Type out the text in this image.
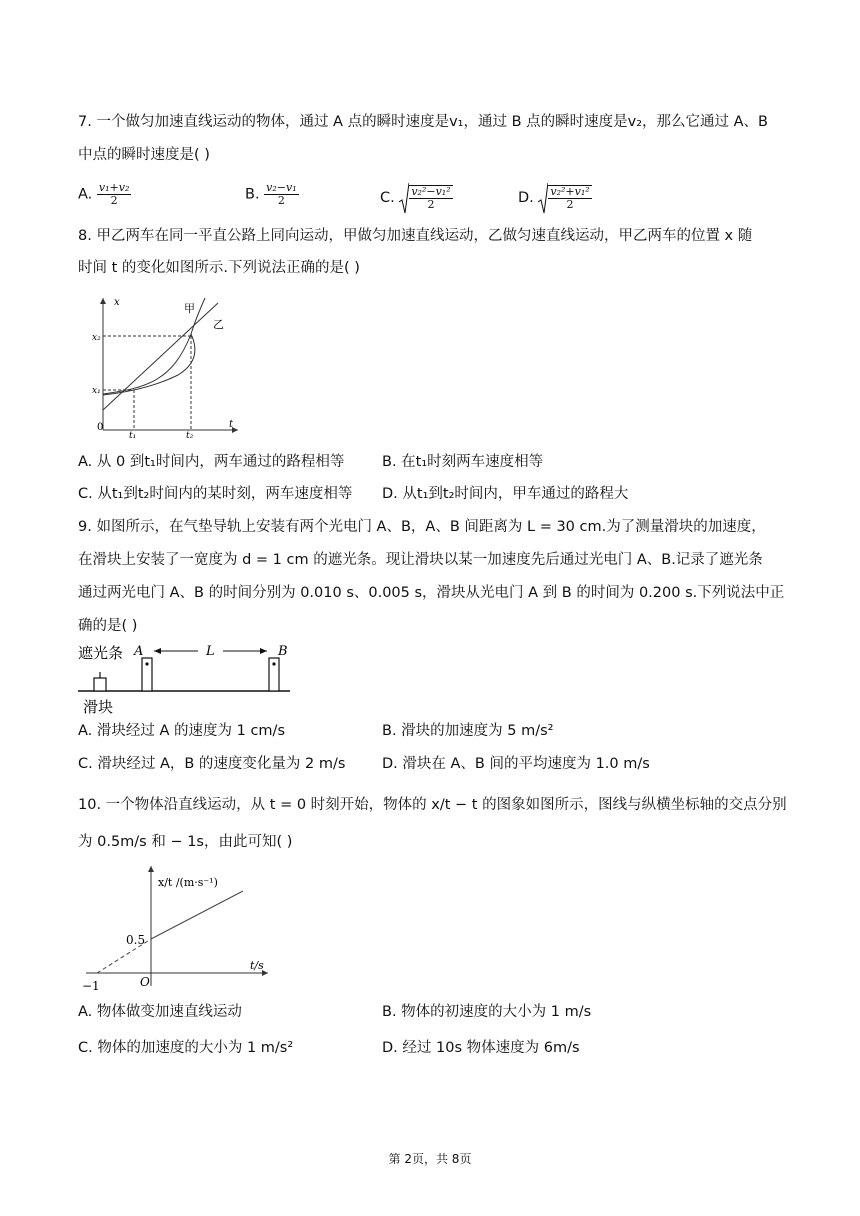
7. 一个做匀加速直线运动的物体，通过 A 点的瞬时速度是v₁，通过 B 点的瞬时速度是v₂，那么它通过 A、B
中点的瞬时速度是( )
A. $\frac{\text{v₁+v₂}}{2}$	B. $\frac{\text{v₂−v₁}}{2}$	C. $\frac{\text{v₂²−v₁²}}{2}$	D. $\frac{\text{v₂²+v₁²}}{2}$
8. 甲乙两车在同一平直公路上同向运动，甲做匀加速直线运动，乙做匀速直线运动，甲乙两车的位置 x 随
时间 t 的变化如图所示.下列说法正确的是( )
x
t
0
x₁
x₂
t₁	t₂
甲
乙
A. 从 0 到t₁时间内，两车通过的路程相等	B. 在t₁时刻两车速度相等
C. 从t₁到t₂时间内的某时刻，两车速度相等 D. 从t₁到t₂时间内，甲车通过的路程大
9. 如图所示，在气垫导轨上安装有两个光电门 A、B，A、B 间距离为 L = 30 cm.为了测量滑块的加速度，
在滑块上安装了一宽度为 d = 1 cm 的遮光条。现让滑块以某一加速度先后通过光电门 A、B.记录了遮光条
通过两光电门 A、B 的时间分别为 0.010 s、0.005 s，滑块从光电门 A 到 B 的时间为 0.200 s.下列说法中正
确的是( )
遮光条
滑块
A	B
L
A. 滑块经过 A 的速度为 1 cm/s	B. 滑块的加速度为 5 m/s²
C. 滑块经过 A，B 的速度变化量为 2 m/s	D. 滑块在 A、B 间的平均速度为 1.0 m/s
10. 一个物体沿直线运动，从 t = 0 时刻开始，物体的 x/t − t 的图象如图所示，图线与纵横坐标轴的交点分别
为 0.5m/s 和 − 1s，由此可知( )
x/t /(m·s⁻¹)
t/s
O
0.5
−1
A. 物体做变加速直线运动	B. 物体的初速度的大小为 1 m/s
C. 物体的加速度的大小为 1 m/s²	D. 经过 10s 物体速度为 6m/s
第 2页，共 8页
